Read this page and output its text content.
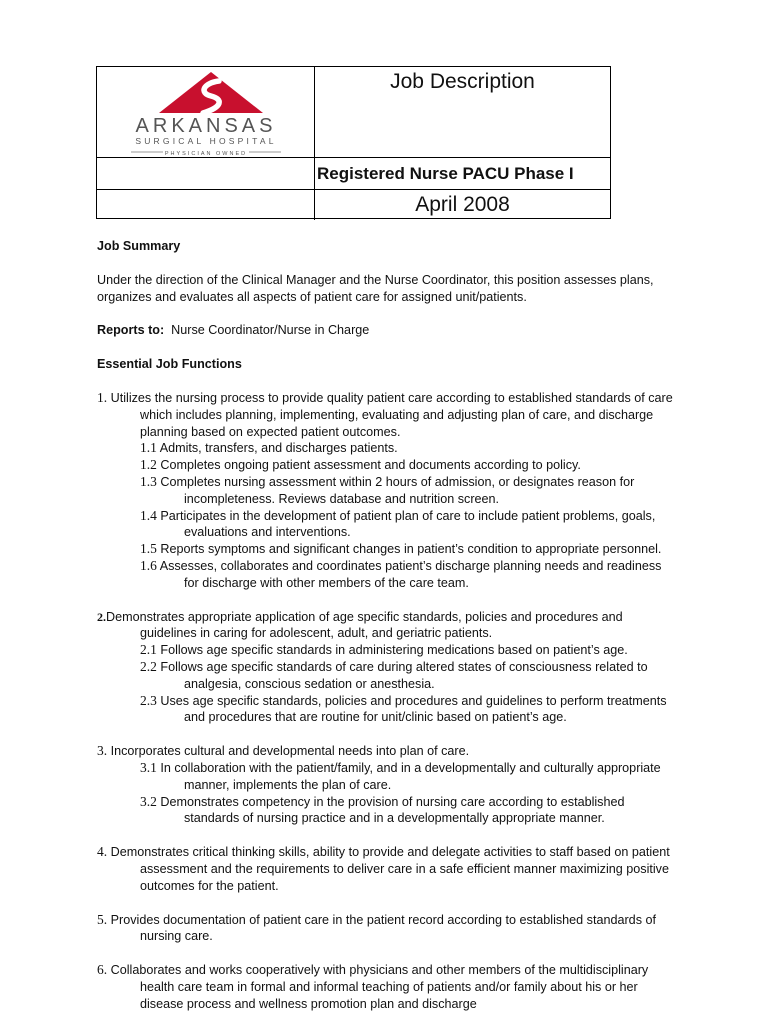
ARKANSAS
SURGICAL HOSPITAL
PHYSICIAN OWNED
Job Description
Registered Nurse PACU Phase I
April 2008

Job Summary

Under the direction of the Clinical Manager and the Nurse Coordinator, this position assesses plans, organizes and evaluates all aspects of patient care for assigned unit/patients.

Reports to: Nurse Coordinator/Nurse in Charge

Essential Job Functions

1. Utilizes the nursing process to provide quality patient care according to established standards of care which includes planning, implementing, evaluating and adjusting plan of care, and discharge planning based on expected patient outcomes.

1.1 Admits, transfers, and discharges patients.

1.2 Completes ongoing patient assessment and documents according to policy.

1.3 Completes nursing assessment within 2 hours of admission, or designates reason for incompleteness. Reviews database and nutrition screen.

1.4 Participates in the development of patient plan of care to include patient problems, goals, evaluations and interventions.

1.5 Reports symptoms and significant changes in patient’s condition to appropriate personnel.

1.6 Assesses, collaborates and coordinates patient’s discharge planning needs and readiness for discharge with other members of the care team.

2.Demonstrates appropriate application of age specific standards, policies and procedures and guidelines in caring for adolescent, adult, and geriatric patients.

2.1 Follows age specific standards in administering medications based on patient’s age.

2.2 Follows age specific standards of care during altered states of consciousness related to analgesia, conscious sedation or anesthesia.

2.3 Uses age specific standards, policies and procedures and guidelines to perform treatments and procedures that are routine for unit/clinic based on patient’s age.

3. Incorporates cultural and developmental needs into plan of care.

3.1 In collaboration with the patient/family, and in a developmentally and culturally appropriate manner, implements the plan of care.

3.2 Demonstrates competency in the provision of nursing care according to established standards of nursing practice and in a developmentally appropriate manner.

4. Demonstrates critical thinking skills, ability to provide and delegate activities to staff based on patient assessment and the requirements to deliver care in a safe efficient manner maximizing positive outcomes for the patient.

5. Provides documentation of patient care in the patient record according to established standards of nursing care.

6. Collaborates and works cooperatively with physicians and other members of the multidisciplinary health care team in formal and informal teaching of patients and/or family about his or her disease process and wellness promotion plan and discharge
